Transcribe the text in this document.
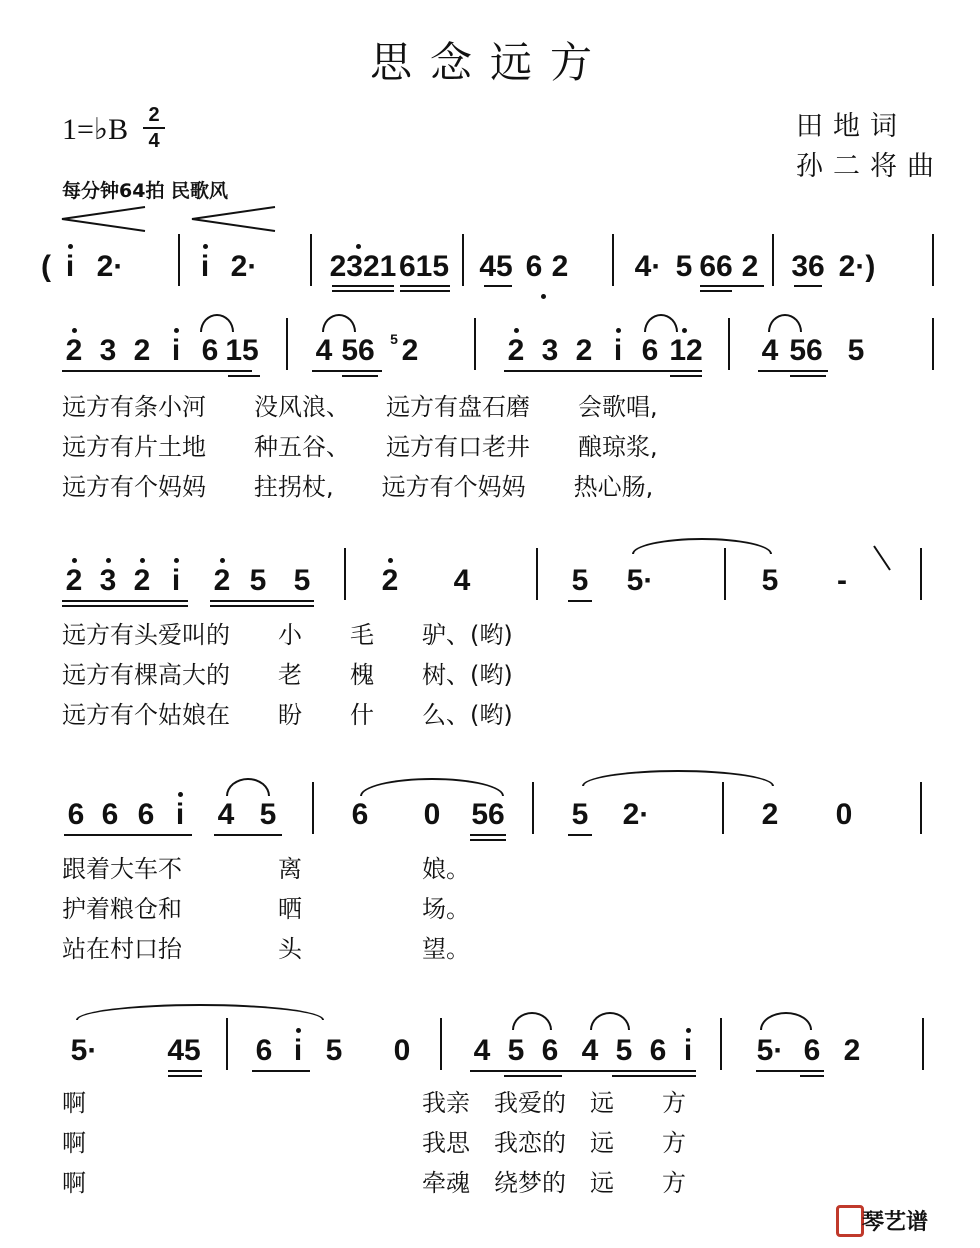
思念远方
1=♭B 2
4	田地词
孙二将曲
每分钟64拍 民歌风
( i 2·	i 2· 2321 615 45 6 2 4· 5 66 2 36 2·)
2 3 2 i 6 15 4 56 5 2	2 3 2 i 6 12 4 56 5
远方有条小河　　没风浪、　　远方有盘石磨　　会歌唱,
远方有片土地　　种五谷、　　远方有口老井　　酿琼浆,
远方有个妈妈　　拄拐杖,　　远方有个妈妈　　热心肠,
2 3 2 i 2 5 5 2 4	5 5·	5 -
远方有头爱叫的　　小　　毛　　驴、(哟)
远方有棵高大的　　老　　槐　　树、(哟)
远方有个姑娘在　　盼　　什　　么、(哟)
6 6 6 i 4 5	6 0 56 5 2·	2 0
跟着大车不　　　　离　　　　　娘。
护着粮仓和　　　　晒　　　　　场。
站在村口抬　　　　头　　　　　望。
5· 45 6 i 5 0 4 5 6 4 5 6 i 5· 6 2
啊　　　　　　　　　　　　　　我亲　我爱的　远　　方
啊　　　　　　　　　　　　　　我思　我恋的　远　　方
啊　　　　　　　　　　　　　　牵魂　绕梦的　远　　方
琴艺谱
